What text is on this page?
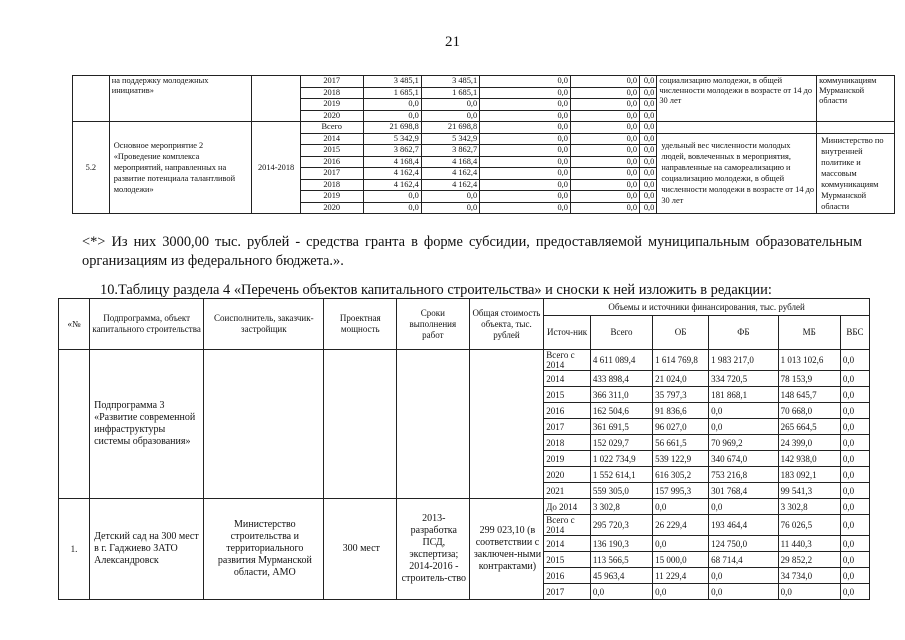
21
	на поддержку молодежных инициатив»		2017	3 485,1	3 485,1	0,0	0,0	0,0	социализацию молодежи, в общей численности молодежи в возрасте от 14 до 30 лет	коммуникациям Мурманской области
			2018	1 685,1	1 685,1	0,0	0,0	0,0		
			2019	0,0	0,0	0,0	0,0	0,0		
			2020	0,0	0,0	0,0	0,0	0,0		
5.2	Основное мероприятие 2 «Проведение комплекса мероприятий, направленных на развитие потенциала талантливой молодежи»	2014-2018	Всего	21 698,8	21 698,8	0,0	0,0	0,0		
			2014	5 342,9	5 342,9	0,0	0,0	0,0	удельный вес численности молодых людей, вовлеченных в мероприятия, направленные на самореализацию и социализацию молодежи, в общей численности молодежи в возрасте от 14 до 30 лет	Министерство по внутренней политике и массовым коммуникациям Мурманской области
			2015	3 862,7	3 862,7	0,0	0,0	0,0		
			2016	4 168,4	4 168,4	0,0	0,0	0,0		
			2017	4 162,4	4 162,4	0,0	0,0	0,0		
			2018	4 162,4	4 162,4	0,0	0,0	0,0		
			2019	0,0	0,0	0,0	0,0	0,0		
			2020	0,0	0,0	0,0	0,0	0,0		
<*> Из них 3000,00 тыс. рублей - средства гранта в форме субсидии, предоставляемой муниципальным образовательным организациям из федерального бюджета.».
10.Таблицу раздела 4 «Перечень объектов капитального строительства» и сноски к ней изложить в редакции:
«№	Подпрограмма, объект капитального строительства	Соисполнитель, заказчик-застройщик	Проектная мощность	Сроки выполнения работ	Общая стоимость объекта, тыс. рублей	Объемы и источники финансирования, тыс. рублей					
						Источ-ник	Всего	ОБ	ФБ	МБ	ВБС
	Подпрограмма 3 «Развитие современной инфраструктуры системы образования»					Всего с 2014	4 611 089,4	1 614 769,8	1 983 217,0	1 013 102,6	0,0
						2014	433 898,4	21 024,0	334 720,5	78 153,9	0,0
						2015	366 311,0	35 797,3	181 868,1	148 645,7	0,0
						2016	162 504,6	91 836,6	0,0	70 668,0	0,0
						2017	361 691,5	96 027,0	0,0	265 664,5	0,0
						2018	152 029,7	56 661,5	70 969,2	24 399,0	0,0
						2019	1 022 734,9	539 122,9	340 674,0	142 938,0	0,0
						2020	1 552 614,1	616 305,2	753 216,8	183 092,1	0,0
						2021	559 305,0	157 995,3	301 768,4	99 541,3	0,0
1.	Детский сад на 300 мест в г. Гаджиево ЗАТО Александровск	Министерство строительства и территориального развития Мурманской области, АМО	300 мест	2013-разработка ПСД, экспертиза; 2014-2016 - строитель-ство	299 023,10 (в соответствии с заключен-ными контрактами)	До 2014	3 302,8	0,0	0,0	3 302,8	0,0
						Всего с 2014	295 720,3	26 229,4	193 464,4	76 026,5	0,0
						2014	136 190,3	0,0	124 750,0	11 440,3	0,0
						2015	113 566,5	15 000,0	68 714,4	29 852,2	0,0
						2016	45 963,4	11 229,4	0,0	34 734,0	0,0
						2017	0,0	0,0	0,0	0,0	0,0
